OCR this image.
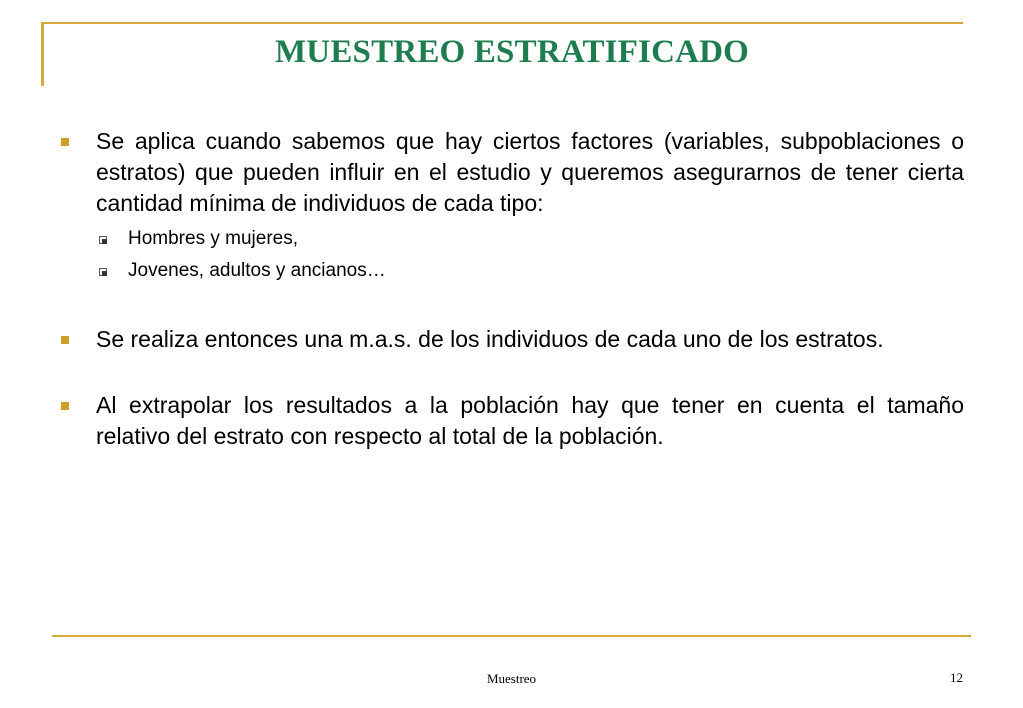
MUESTREO ESTRATIFICADO
Se aplica cuando sabemos que hay ciertos factores (variables, subpoblaciones o estratos) que pueden influir en el estudio y queremos asegurarnos de tener cierta cantidad mínima de individuos de cada tipo:
Hombres y mujeres,
Jovenes, adultos y ancianos…
Se realiza entonces una m.a.s. de los individuos de cada uno de los estratos.
Al extrapolar los resultados a la población hay que tener en cuenta el tamaño relativo del estrato con respecto al total de la población.
Muestreo	12
